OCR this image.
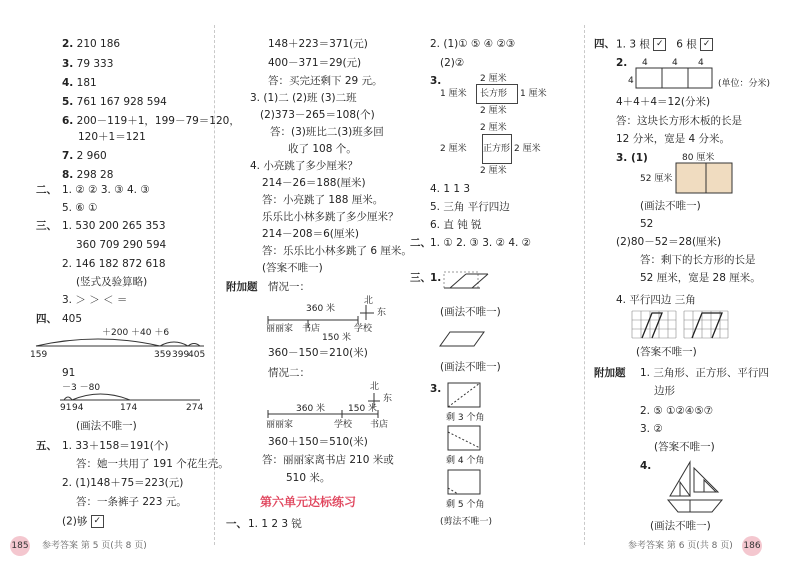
2. 210 186
3. 79 333
4. 181
5. 761 167 928 594
6. 200－119＋1，199－79＝120，
120＋1＝121
7. 2 960
8. 298 28
二、 1. ② ② 3. ③ 4. ③
5. ⑥ ①
三、 1. 530 200 265 353
360 709 290 594
2. 146 182 872 618
(竖式及验算略)
3. ＞ ＞ ＜ ＝
四、 405
＋200 ＋40 ＋6
159	359 399
405
91
－3 －80
91 94	174	274
(画法不唯一)
五、 1. 33＋158＝191(个)
答：她一共用了 191 个花生壳。
2. (1)148＋75＝223(元)
答：一条裤子 223 元。
(2)够 ✓
148＋223＝371(元)
400－371＝29(元)
答：买完还剩下 29 元。
3. (1)二 (2)班 (3)二班
(2)373－265＝108(个)
答：(3)班比二(3)班多回
收了 108 个。
4. 小亮跳了多少厘米？
214－26＝188(厘米)
答：小亮跳了 188 厘米。
乐乐比小林多跳了多少厘米？
214－208＝6(厘米)
答：乐乐比小林多跳了 6 厘米。
(答案不唯一)
附加题 情况一：
北
东
360 米
丽丽家 书店	学校
150 米
360－150＝210(米)
情况二：
北
东
360 米	150 米
丽丽家	学校 书店
360＋150＝510(米)
答：丽丽家离书店 210 米或
510 米。
第六单元达标练习
一、 1. 1 2 3 锐
2. (1)① ⑤ ④ ②③
(2)②
3.	2 厘米
1 厘米 长方形 1 厘米
2 厘米
2 厘米
2 厘米 正方形 2 厘米
2 厘米
4. 1 1 3
5. 三角 平行四边
6. 直 钝 锐
二、 1. ① 2. ③ 3. ② 4. ②
三、 1.
(画法不唯一)
(画法不唯一)
3.
剩 3 个角
剩 4 个角
剩 5 个角
(剪法不唯一)
四、 1. 3 根 ✓ 6 根 ✓
2. 4	4 4
4	(单位：分米)
4＋4＋4＝12(分米)
答：这块长方形木板的长是
12 分米，宽是 4 分米。
3. (1)	80 厘米
52 厘米
(画法不唯一)
52
(2)80－52＝28(厘米)
答：剩下的长方形的长是
52 厘米，宽是 28 厘米。
4. 平行四边 三角
(答案不唯一)
附加题 1. 三角形、正方形、平行四
边形
2. ⑤ ①②④⑤⑦
3. ②
(答案不唯一)
4.
(画法不唯一)
185 参考答案 第 5 页(共 8 页)	参考答案 第 6 页(共 8 页) 186
